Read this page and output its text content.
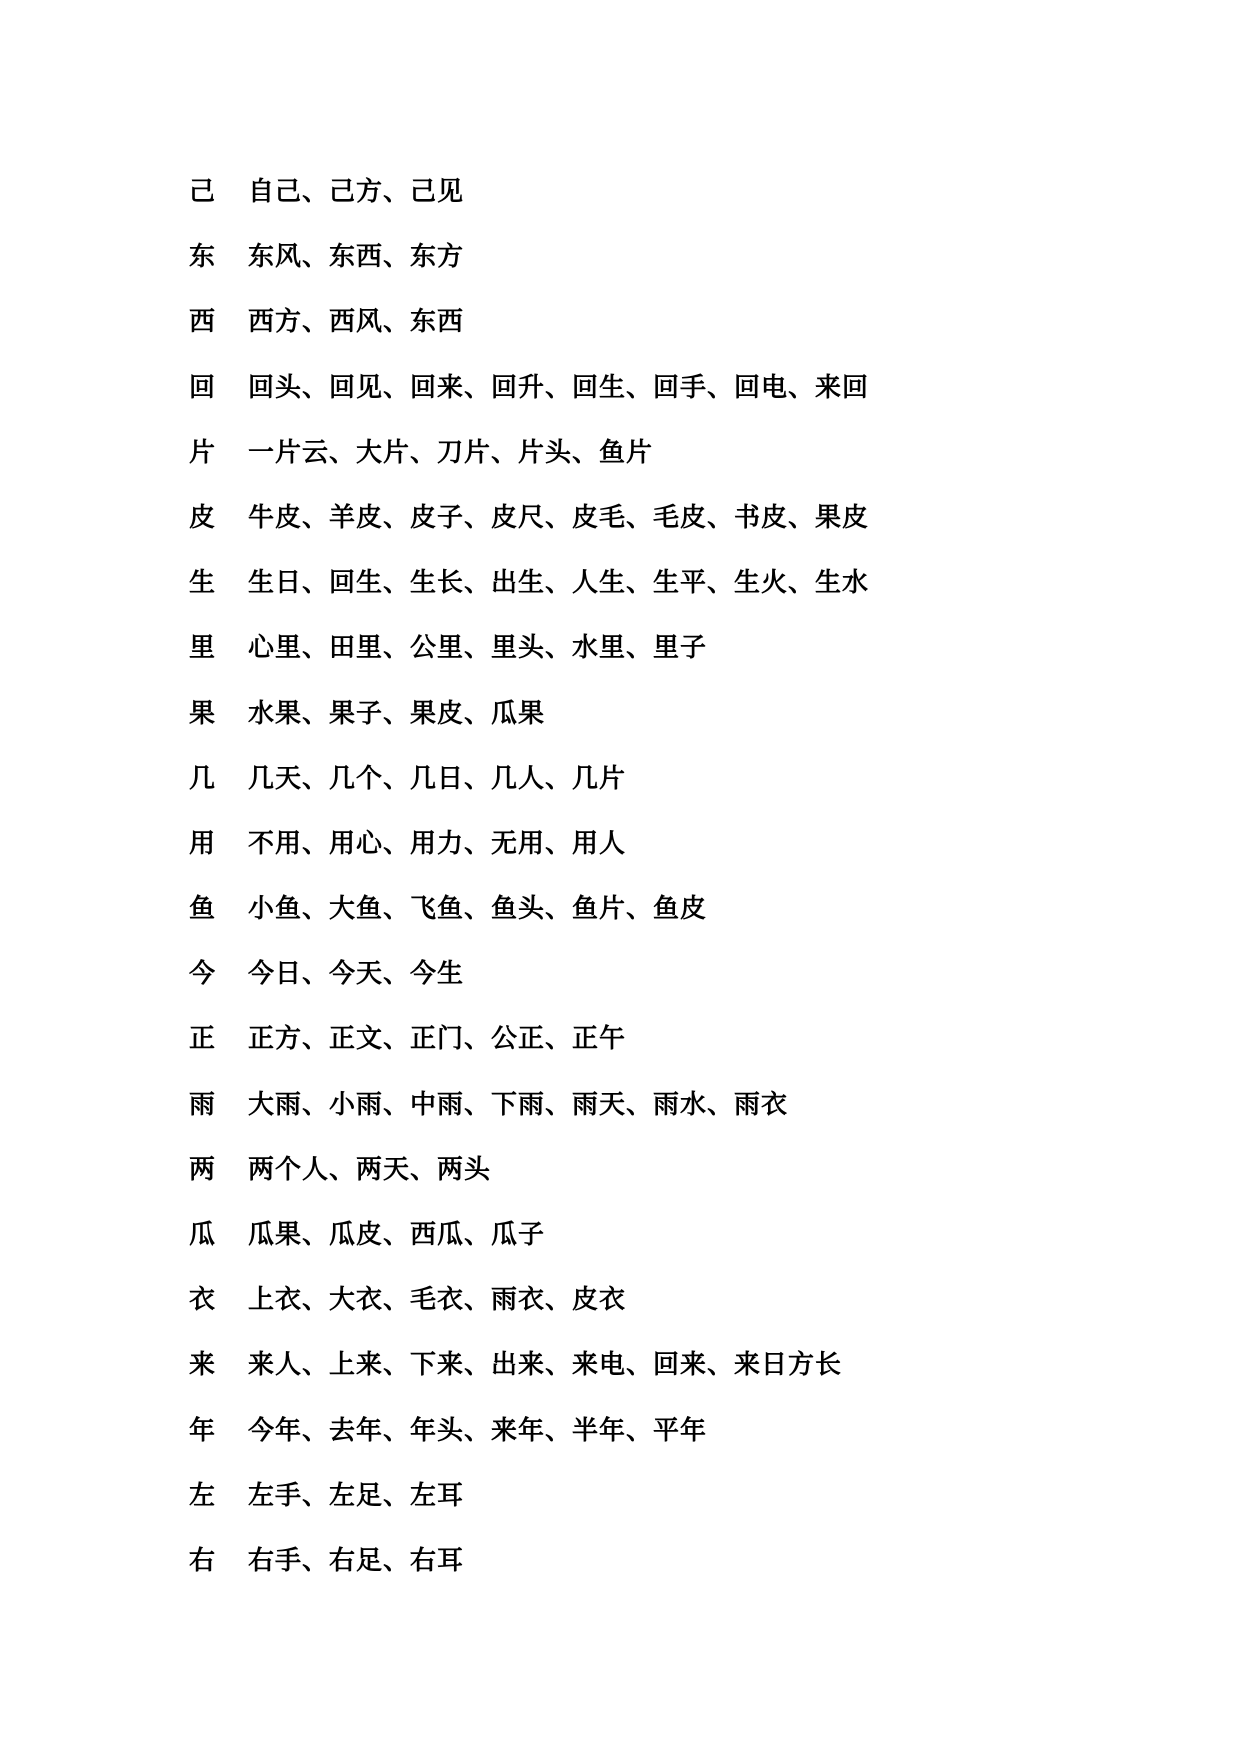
己	自己、己方、己见
东	东风、东西、东方
西	西方、西风、东西
回	回头、回见、回来、回升、回生、回手、回电、来回
片	一片云、大片、刀片、片头、鱼片
皮	牛皮、羊皮、皮子、皮尺、皮毛、毛皮、书皮、果皮
生	生日、回生、生长、出生、人生、生平、生火、生水
里	心里、田里、公里、里头、水里、里子
果	水果、果子、果皮、瓜果
几	几天、几个、几日、几人、几片
用	不用、用心、用力、无用、用人
鱼	小鱼、大鱼、飞鱼、鱼头、鱼片、鱼皮
今	今日、今天、今生
正	正方、正文、正门、公正、正午
雨	大雨、小雨、中雨、下雨、雨天、雨水、雨衣
两	两个人、两天、两头
瓜	瓜果、瓜皮、西瓜、瓜子
衣	上衣、大衣、毛衣、雨衣、皮衣
来	来人、上来、下来、出来、来电、回来、来日方长
年	今年、去年、年头、来年、半年、平年
左	左手、左足、左耳
右	右手、右足、右耳
